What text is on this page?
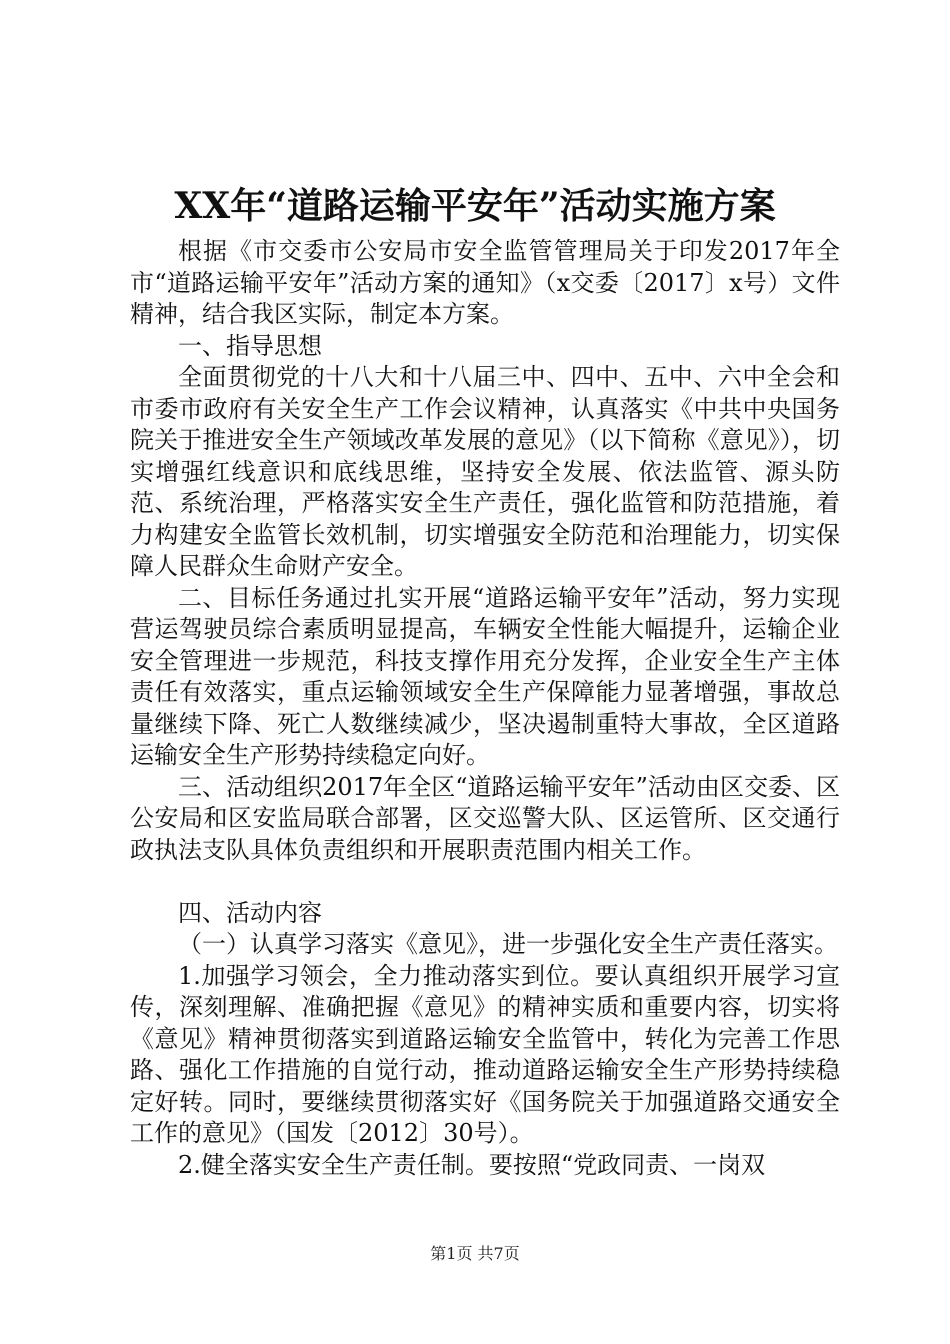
XX年“道路运输平安年”活动实施方案

根据《市交委市公安局市安全监管管理局关于印发2017年全市“道路运输平安年”活动方案的通知》（x交委〔2017〕x号）文件精神，结合我区实际，制定本方案。

一、指导思想

全面贯彻党的十八大和十八届三中、四中、五中、六中全会和市委市政府有关安全生产工作会议精神，认真落实《中共中央国务院关于推进安全生产领域改革发展的意见》（以下简称《意见》），切实增强红线意识和底线思维，坚持安全发展、依法监管、源头防范、系统治理，严格落实安全生产责任，强化监管和防范措施，着力构建安全监管长效机制，切实增强安全防范和治理能力，切实保障人民群众生命财产安全。

二、目标任务通过扎实开展“道路运输平安年”活动，努力实现营运驾驶员综合素质明显提高，车辆安全性能大幅提升，运输企业安全管理进一步规范，科技支撑作用充分发挥，企业安全生产主体责任有效落实，重点运输领域安全生产保障能力显著增强，事故总量继续下降、死亡人数继续减少，坚决遏制重特大事故，全区道路运输安全生产形势持续稳定向好。

三、活动组织2017年全区“道路运输平安年”活动由区交委、区公安局和区安监局联合部署，区交巡警大队、区运管所、区交通行政执法支队具体负责组织和开展职责范围内相关工作。

四、活动内容

（一）认真学习落实《意见》，进一步强化安全生产责任落实。

1.加强学习领会，全力推动落实到位。要认真组织开展学习宣传，深刻理解、准确把握《意见》的精神实质和重要内容，切实将《意见》精神贯彻落实到道路运输安全监管中，转化为完善工作思路、强化工作措施的自觉行动，推动道路运输安全生产形势持续稳定好转。同时，要继续贯彻落实好《国务院关于加强道路交通安全工作的意见》（国发〔2012〕30号）。

2.健全落实安全生产责任制。要按照“党政同责、一岗双

第1页 共7页
